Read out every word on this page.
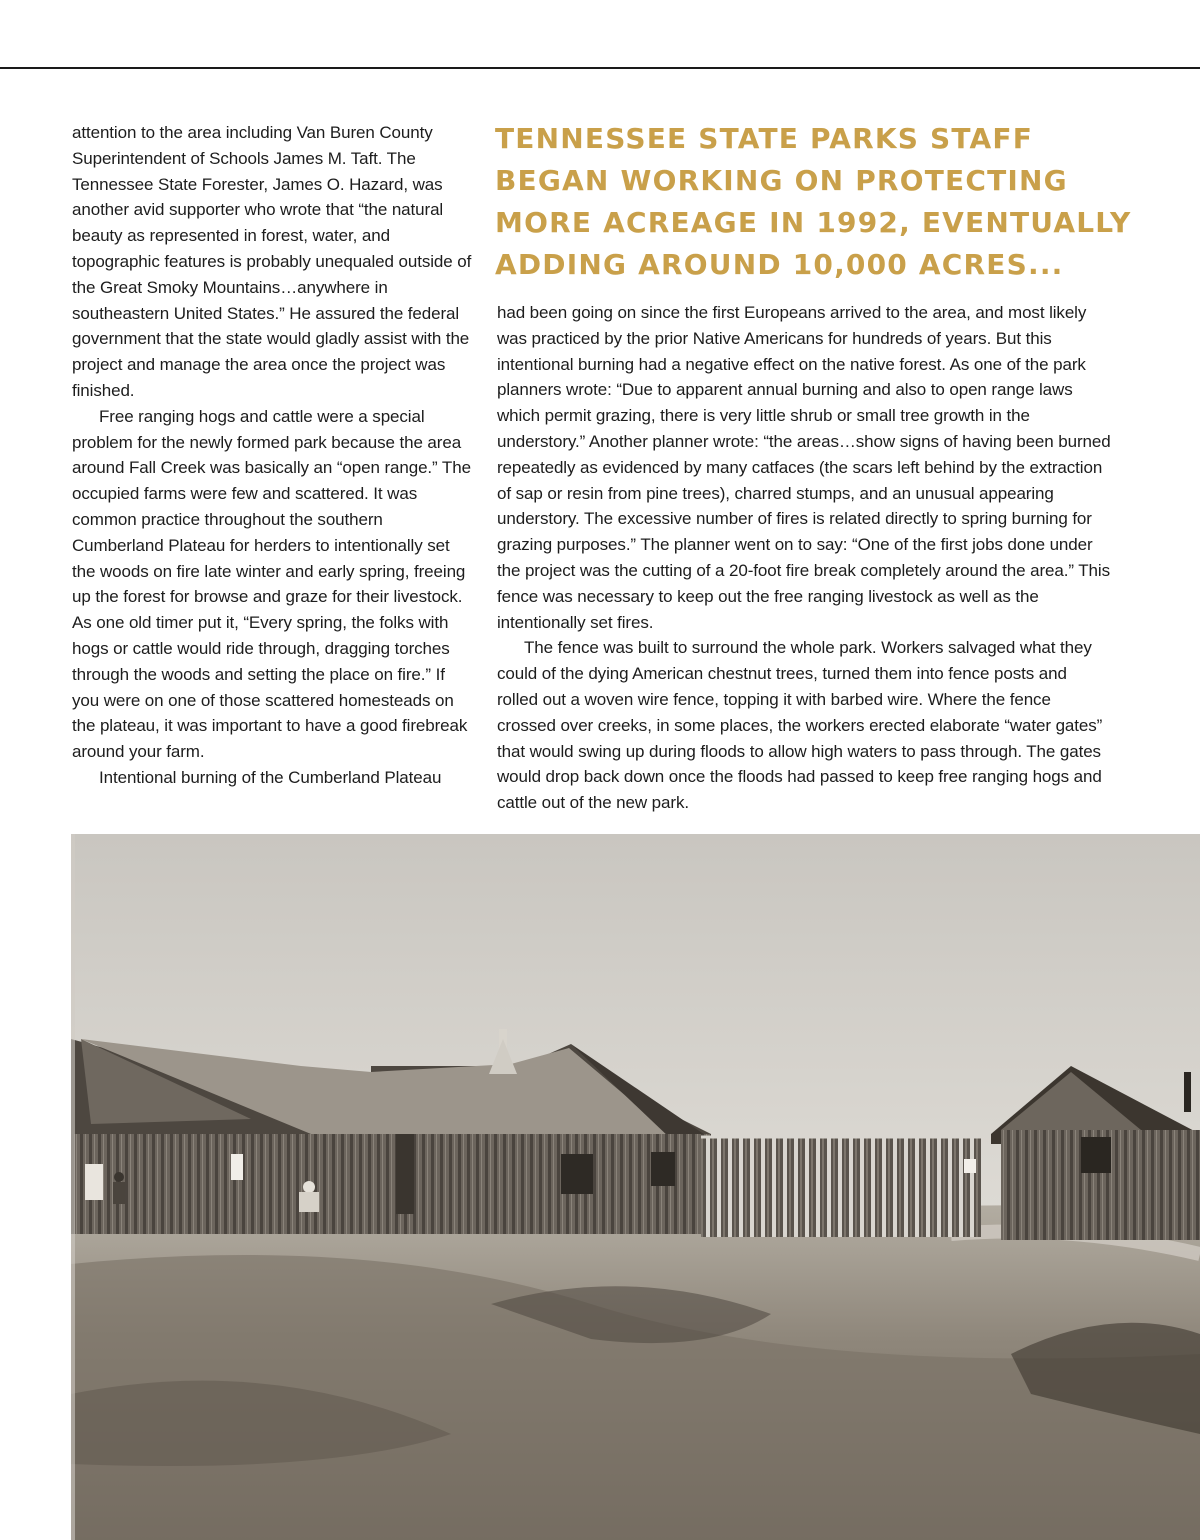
attention to the area including Van Buren County Superintendent of Schools James M. Taft. The Tennessee State Forester, James O. Hazard, was another avid supporter who wrote that “the natural beauty as represented in forest, water, and topographic features is probably unequaled outside of the Great Smoky Mountains…anywhere in southeastern United States.” He assured the federal government that the state would gladly assist with the project and manage the area once the project was finished.

Free ranging hogs and cattle were a special problem for the newly formed park because the area around Fall Creek was basically an “open range.” The occupied farms were few and scattered. It was common practice throughout the southern Cumberland Plateau for herders to intentionally set the woods on fire late winter and early spring, freeing up the forest for browse and graze for their livestock. As one old timer put it, “Every spring, the folks with hogs or cattle would ride through, dragging torches through the woods and setting the place on fire.” If you were on one of those scattered homesteads on the plateau, it was important to have a good firebreak around your farm.

Intentional burning of the Cumberland Plateau

TENNESSEE STATE PARKS STAFF BEGAN WORKING ON PROTECTING MORE ACREAGE IN 1992, EVENTUALLY ADDING AROUND 10,000 ACRES...

had been going on since the first Europeans arrived to the area, and most likely was practiced by the prior Native Americans for hundreds of years. But this intentional burning had a negative effect on the native forest. As one of the park planners wrote: “Due to apparent annual burning and also to open range laws which permit grazing, there is very little shrub or small tree growth in the understory.” Another planner wrote: “the areas…show signs of having been burned repeatedly as evidenced by many catfaces (the scars left behind by the extraction of sap or resin from pine trees), charred stumps, and an unusual appearing understory. The excessive number of fires is related directly to spring burning for grazing purposes.” The planner went on to say: “One of the first jobs done under the project was the cutting of a 20-foot fire break completely around the area.” This fence was necessary to keep out the free ranging livestock as well as the intentionally set fires.

The fence was built to surround the whole park. Workers salvaged what they could of the dying American chestnut trees, turned them into fence posts and rolled out a woven wire fence, topping it with barbed wire. Where the fence crossed over creeks, in some places, the workers erected elaborate “water gates” that would swing up during floods to allow high waters to pass through. The gates would drop back down once the floods had passed to keep free ranging hogs and cattle out of the new park.
